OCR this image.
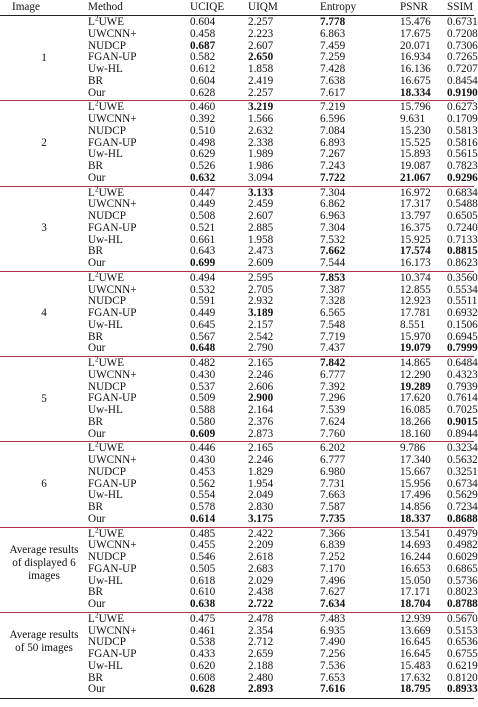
Image	Method	UCIQE UIQM	Entropy	PSNR SSIM
$L^2UWE$	0.604	2.257	7.778	15.476 0.6731
UWCNN+	0.458	2.223	6.863	17.675 0.7208
NUDCP	0.687	2.607	7.459	20.071 0.7306
FGAN-UP	0.582	2.650	7.259	16.934 0.7265
Uw-HL	0.612	1.858	7.428	16.136 0.7207
BR	0.604	2.419	7.638	16.675 0.8454
Our	0.628	2.257	7.617	18.334 0.9190
1
$L^2UWE$	0.460	3.219	7.219	15.796 0.6273
UWCNN+	0.392	1.566	6.596	9.631 0.1709
NUDCP	0.510	2.632	7.084	15.230 0.5813
FGAN-UP	0.498	2.338	6.893	15.525 0.5816
Uw-HL	0.629	1.989	7.267	15.893 0.5615
BR	0.526	1.986	7.243	19.087 0.7823
Our	0.632	3.094	7.722	21.067 0.9296
2
$L^2UWE$	0.447	3.133	7.304	16.972 0.6834
UWCNN+	0.449	2.459	6.862	17.317 0.5488
NUDCP	0.508	2.607	6.963	13.797 0.6505
FGAN-UP	0.521	2.885	7.304	16.375 0.7240
Uw-HL	0.661	1.958	7.532	15.925 0.7133
BR	0.643	2.473	7.662	17.574 0.8815
Our	0.699	2.609	7.544	16.173 0.8623
3
$L^2UWE$	0.494	2.595	7.853	10.374 0.3560
UWCNN+	0.532	2.705	7.387	12.855 0.5534
NUDCP	0.591	2.932	7.328	12.923 0.5511
FGAN-UP	0.449	3.189	6.565	17.781 0.6932
Uw-HL	0.645	2.157	7.548	8.551 0.1506
BR	0.567	2.542	7.719	15.970 0.6945
Our	0.648	2.790	7.437	19.079 0.7999
4
$L^2UWE$	0.482	2.165	7.842	14.865 0.6484
UWCNN+	0.430	2.246	6.777	12.290 0.4323
NUDCP	0.537	2.606	7.392	19.289 0.7939
FGAN-UP	0.509	2.900	7.296	17.620 0.7614
Uw-HL	0.588	2.164	7.539	16.085 0.7025
BR	0.580	2.376	7.624	18.266 0.9015
Our	0.609	2.873	7.760	18.160 0.8944
5
$L^2UWE$	0.446	2.165	6.202	9.786 0.3234
UWCNN+	0.430	2.246	6.777	17.340 0.5632
NUDCP	0.453	1.829	6.980	15.667 0.3251
FGAN-UP	0.562	1.954	7.731	15.956 0.6734
Uw-HL	0.554	2.049	7.663	17.496 0.5629
BR	0.578	2.830	7.587	14.856 0.7234
Our	0.614	3.175	7.735	18.337 0.8688
6
$L^2UWE$	0.485	2.422	7.366	13.541 0.4979
UWCNN+	0.455	2.209	6.839	14.693 0.4982
NUDCP	0.546	2.618	7.252	16.244 0.6029
FGAN-UP	0.505	2.683	7.170	16.653 0.6865
Uw-HL	0.618	2.029	7.496	15.050 0.5736
BR	0.610	2.438	7.627	17.171 0.8023
Our	0.638	2.722	7.634	18.704 0.8788
Average results of displayed 6 images
$L^2UWE$	0.475	2.478	7.483	12.939 0.5670
UWCNN+	0.461	2.354	6.935	13.669 0.5153
NUDCP	0.538	2.712	7.490	16.645 0.6536
FGAN-UP	0.433	2.659	7.256	16.645 0.6755
Uw-HL	0.620	2.188	7.536	15.483 0.6219
BR	0.608	2.480	7.653	17.632 0.8120
Our	0.628	2.893	7.616	18.795 0.8933
Average results of 50 images
